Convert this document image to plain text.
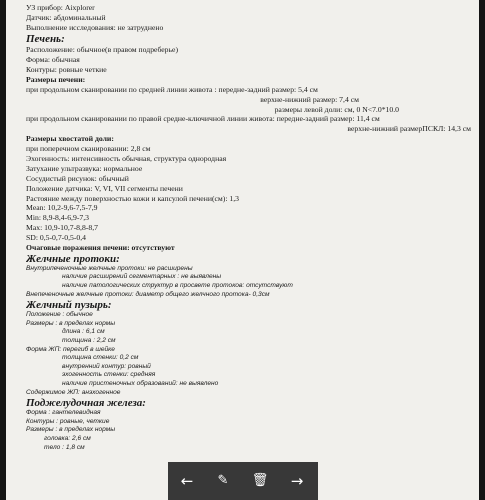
УЗ прибор: Aixplorer
Датчик: абдоминальный
Выполнение исследования: не затруднено
Печень:
Расположение: обычное(в правом подреберье)
Форма: обычная
Контуры: ровные четкие
Размеры печени:
при продольном сканировании по средней линии живота : передне-задний размер: 5,4 см
верхне-нижний размер: 7,4 см
размеры левой доли: см, 0 N<7.0*10.0
при продольном сканировании по правой средне-ключичной линии живота: передне-задний размер: 11,4 см
верхне-нижний размерПСКЛ: 14,3 см
Размеры хвостатой доли:
при поперечном сканировании: 2,8 см
Эхогенность: интенсивность обычная, структура однородная
Затухание ультразвука: нормальное
Сосудистый рисунок: обычный
Положение датчика: V, VI, VII сегменты печени
Растояние между поверхностью кожи и капсулой печени(см): 1,3
Mean: 10,2-9,6-7,5-7,9
Min: 8,9-8,4-6,9-7,3
Max: 10,9-10,7-8,8-8,7
SD: 0,5-0,7-0,5-0,4
Очаговые поражения печени: отсутствуют
Желчные протоки:
Внутрипеченочные желчные протоки: не расширены
наличие расширений сегментарных : не выявлены
наличие патологических структур в просвете протоков: отсутствуют
Внепеченочные желчные протоки: диаметр общего желчного протока- 0,3см
Желчный пузырь:
Положение : обычное
Размеры : в пределах нормы
длина : 6,1 см
толщина : 2,2 см
Форма ЖП: перегиб в шейке
толщина стенки: 0,2 см
внутренний контур: ровный
эхогенность стенки: средняя
наличие пристеночных образований: не выявлено
Содержимое ЖП: анэхогенное
Поджелудочная железа:
Форма : гантелевидная
Контуры : ровные, четкие
Размеры : в пределах нормы
головка: 2,6 см
тело : 1,8 см
←	✎	🗑	→
